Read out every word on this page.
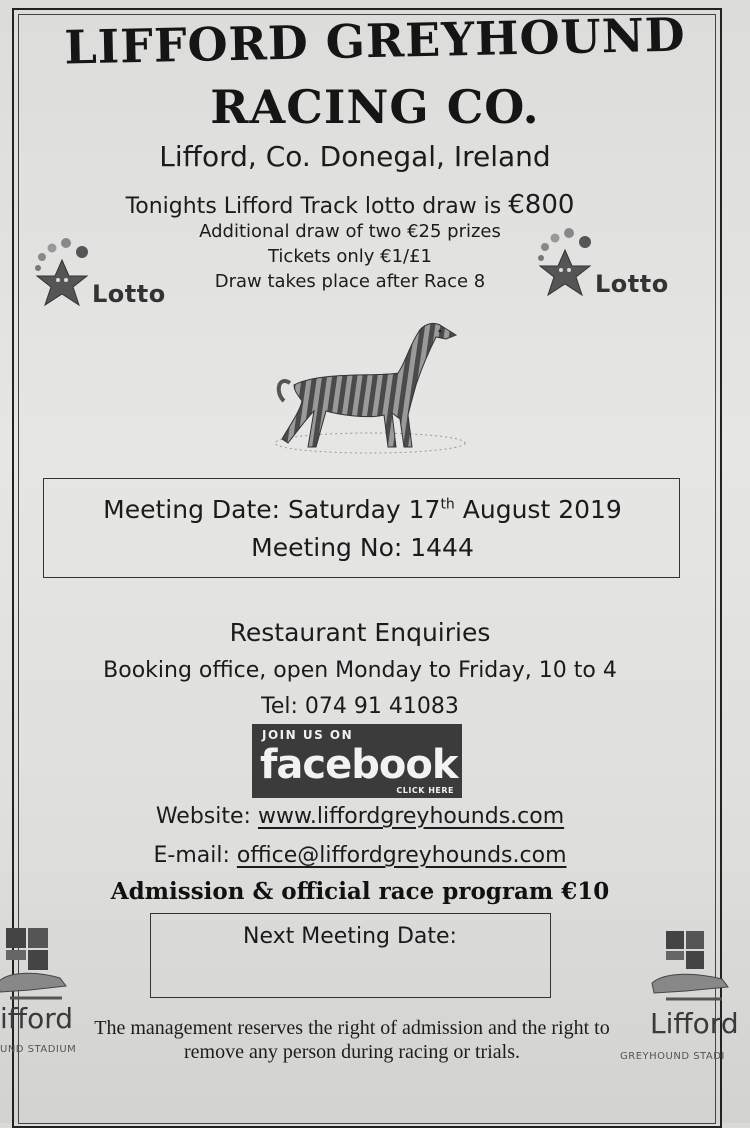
LIFFORD GREYHOUND
RACING CO.
Lifford, Co. Donegal, Ireland
Lotto	Lotto
Tonights Lifford Track lotto draw is €800
Additional draw of two €25 prizes
Tickets only €1/£1
Draw takes place after Race 8
Meeting Date: Saturday 17th August 2019
Meeting No: 1444
Restaurant Enquiries
Booking office, open Monday to Friday, 10 to 4
Tel: 074 91 41083
JOIN US ON
facebook
CLICK HERE
Website: www.liffordgreyhounds.com
E-mail: office@liffordgreyhounds.com
Admission & official race program €10
Next Meeting Date:
ifford
UND STADIUM
Lifford
GREYHOUND STADI
The management reserves the right of admission and the right to remove any person during racing or trials.
